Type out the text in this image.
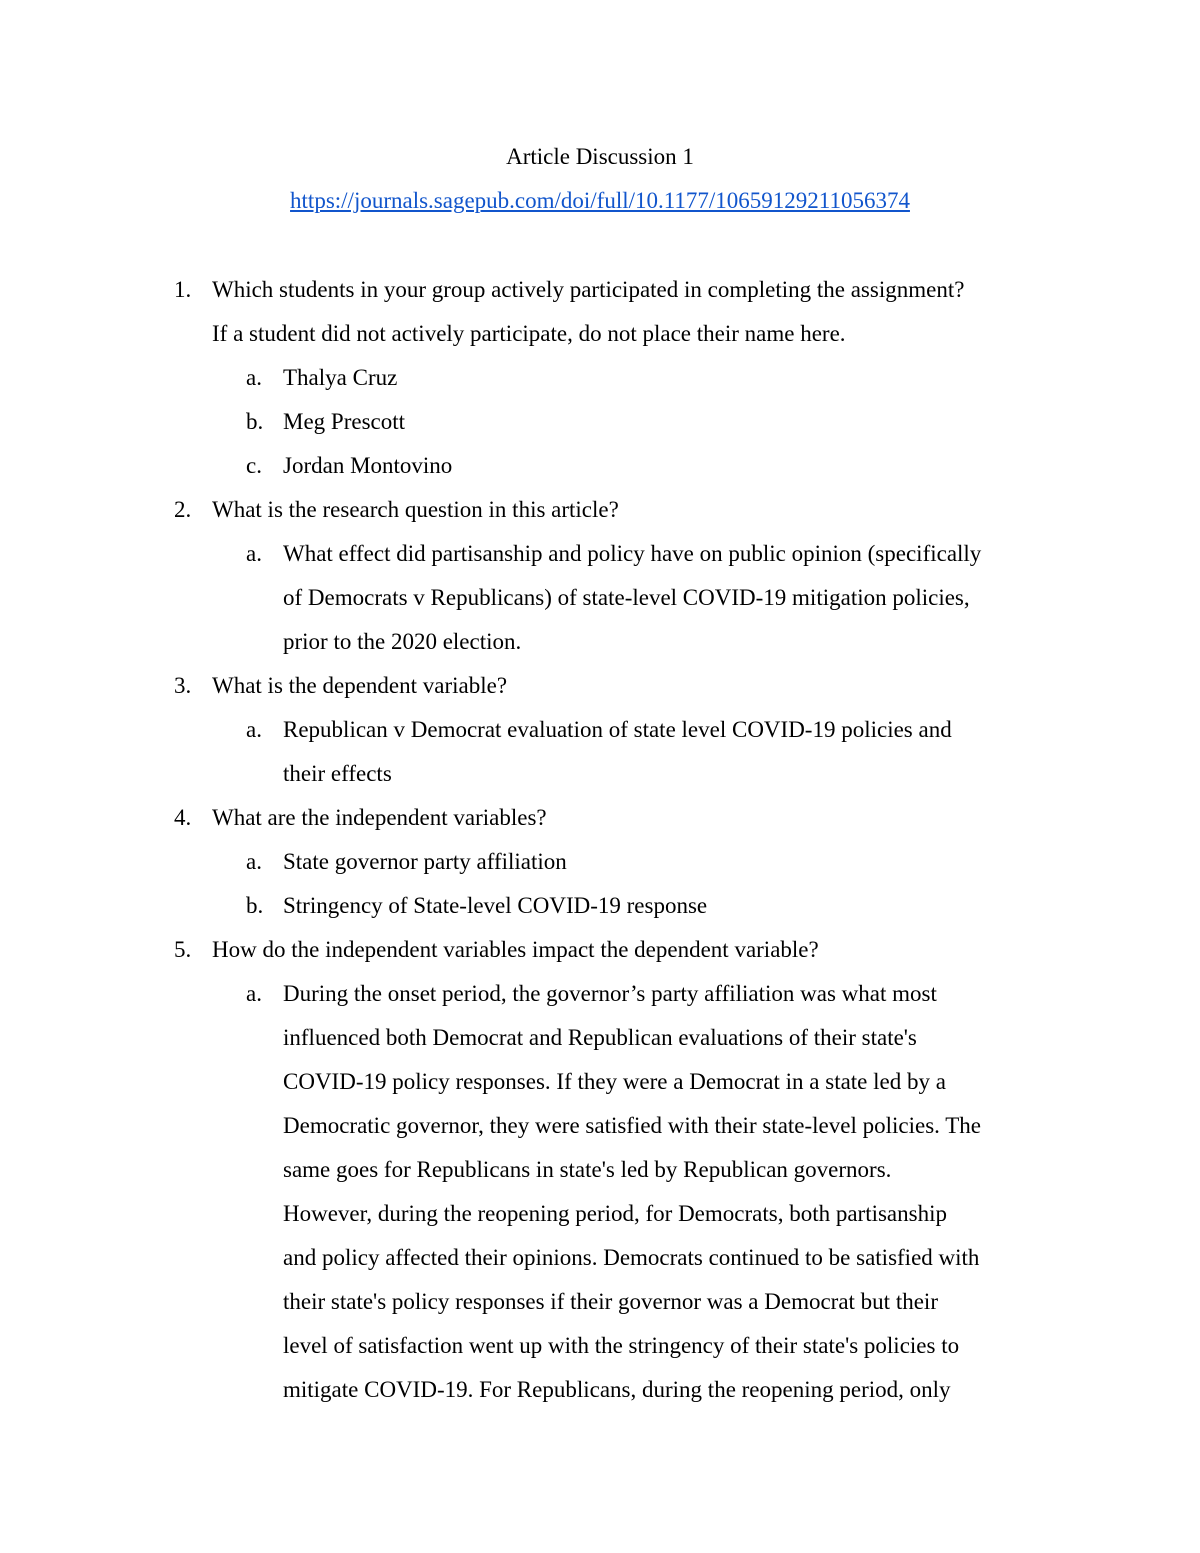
Article Discussion 1
https://journals.sagepub.com/doi/full/10.1177/10659129211056374
1. Which students in your group actively participated in completing the assignment?
If a student did not actively participate, do not place their name here.
a. Thalya Cruz
b. Meg Prescott
c. Jordan Montovino
2. What is the research question in this article?
a. What effect did partisanship and policy have on public opinion (specifically
of Democrats v Republicans) of state-level COVID-19 mitigation policies,
prior to the 2020 election.
3. What is the dependent variable?
a. Republican v Democrat evaluation of state level COVID-19 policies and
their effects
4. What are the independent variables?
a. State governor party affiliation
b. Stringency of State-level COVID-19 response
5. How do the independent variables impact the dependent variable?
a. During the onset period, the governor’s party affiliation was what most
influenced both Democrat and Republican evaluations of their state's
COVID-19 policy responses. If they were a Democrat in a state led by a
Democratic governor, they were satisfied with their state-level policies. The
same goes for Republicans in state's led by Republican governors.
However, during the reopening period, for Democrats, both partisanship
and policy affected their opinions. Democrats continued to be satisfied with
their state's policy responses if their governor was a Democrat but their
level of satisfaction went up with the stringency of their state's policies to
mitigate COVID-19. For Republicans, during the reopening period, only
